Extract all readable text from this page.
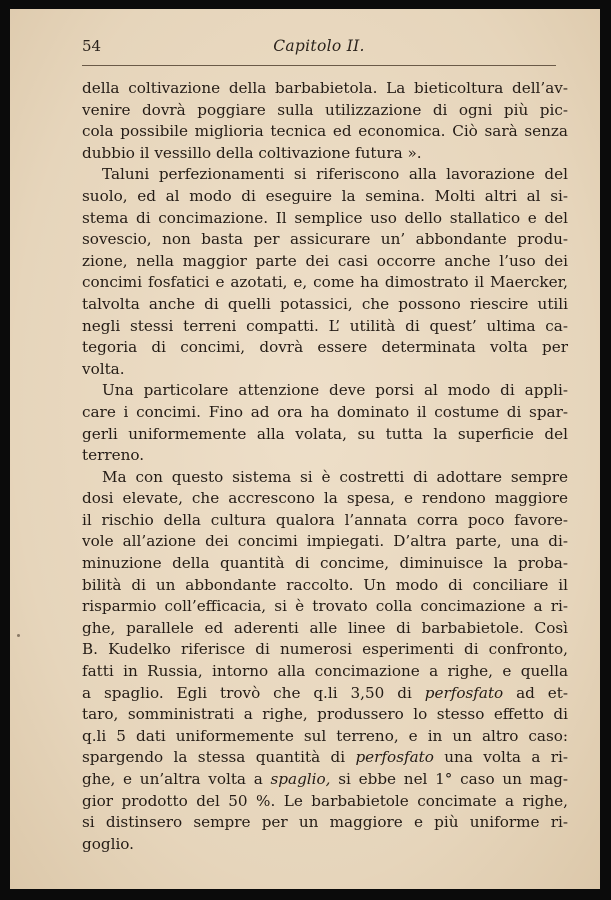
54	Capitolo II.
della coltivazione della barbabietola. La bieticoltura dell’av-
venire dovrà poggiare sulla utilizzazione di ogni più pic-
cola possibile miglioria tecnica ed economica. Ciò sarà senza
dubbio il vessillo della coltivazione futura ».
Taluni perfezionamenti si riferiscono alla lavorazione del
suolo, ed al modo di eseguire la semina. Molti altri al si-
stema di concimazione. Il semplice uso dello stallatico e del
sovescio, non basta per assicurare un’ abbondante produ-
zione, nella maggior parte dei casi occorre anche l’uso dei
concimi fosfatici e azotati, e, come ha dimostrato il Maercker,
talvolta anche di quelli potassici, che possono riescire utili
negli stessi terreni compatti. L’ utilità di quest’ ultima ca-
tegoria di concimi, dovrà essere determinata volta per
volta.
Una particolare attenzione deve porsi al modo di appli-
care i concimi. Fino ad ora ha dominato il costume di spar-
gerli uniformemente alla volata, su tutta la superficie del
terreno.
Ma con questo sistema si è costretti di adottare sempre
dosi elevate, che accrescono la spesa, e rendono maggiore
il rischio della cultura qualora l’annata corra poco favore-
vole all’azione dei concimi impiegati. D’altra parte, una di-
minuzione della quantità di concime, diminuisce la proba-
bilità di un abbondante raccolto. Un modo di conciliare il
risparmio coll’efficacia, si è trovato colla concimazione a ri-
ghe, parallele ed aderenti alle linee di barbabietole. Così
B. Kudelko riferisce di numerosi esperimenti di confronto,
fatti in Russia, intorno alla concimazione a righe, e quella
a spaglio. Egli trovò che q.li 3,50 di perfosfato ad et-
taro, somministrati a righe, produssero lo stesso effetto di
q.li 5 dati uniformemente sul terreno, e in un altro caso:
spargendo la stessa quantità di perfosfato una volta a ri-
ghe, e un’altra volta a spaglio, si ebbe nel 1° caso un mag-
gior prodotto del 50 %. Le barbabietole concimate a righe,
si distinsero sempre per un maggiore e più uniforme ri-
goglio.
